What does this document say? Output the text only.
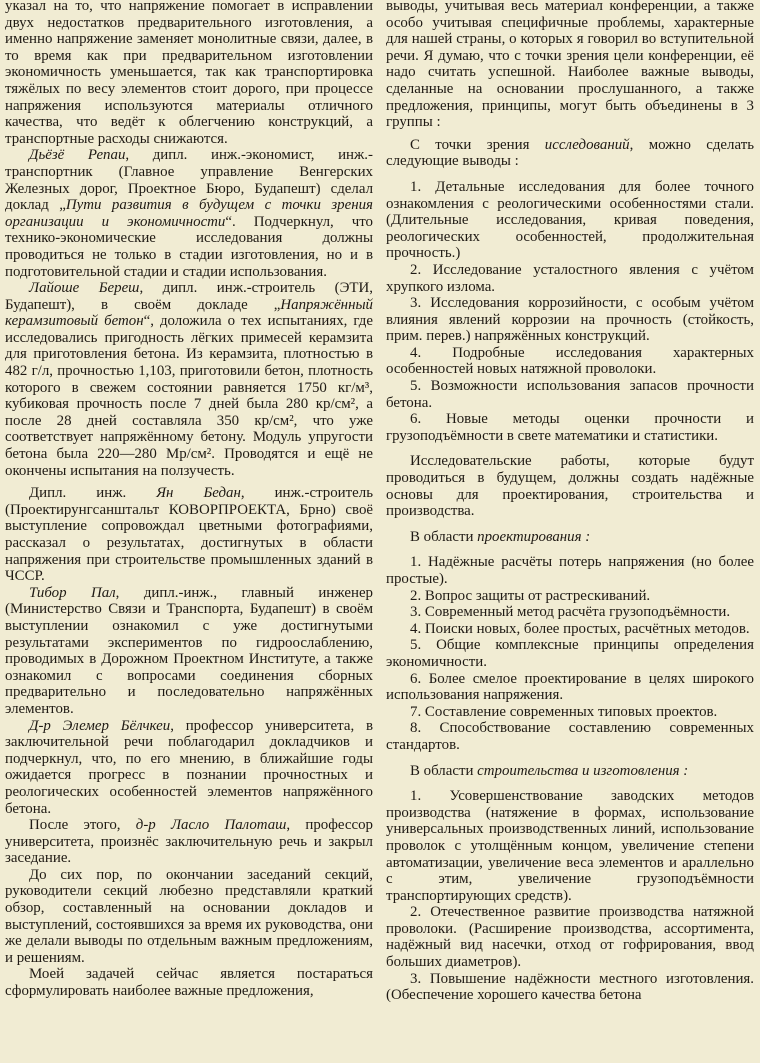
указал на то, что напряжение помогает в исправлении двух недостатков предварительного изготовления, а именно напряжение заменяет монолитные связи, далее, в то время как при предварительном изготовлении экономичность уменьшается, так как транспортировка тяжёлых по весу элементов стоит дорого, при процессе напряжения используются материалы отличного качества, что ведёт к облегчению конструкций, а транспортные расходы снижаются.

Дьёзё Репаи, дипл. инж.-экономист, инж.-транспортник (Главное управление Венгерских Железных дорог, Проектное Бюро, Будапешт) сделал доклад „Пути развития в будущем с точки зрения организации и экономичности“. Подчеркнул, что технико-экономические исследования должны проводиться не только в стадии изготовления, но и в подготовительной стадии и стадии использования.

Лайоше Береш, дипл. инж.-строитель (ЭТИ, Будапешт), в своём докладе „Напряжённый керамзитовый бетон“, доложила о тех испытаниях, где исследовались пригодность лёгких примесей керамзита для приготовления бетона. Из керамзита, плотностью в 482 г/л, прочностью 1,103, приготовили бетон, плотность которого в свежем состоянии равняется 1750 кг/м³, кубиковая прочность после 7 дней была 280 кр/см², а после 28 дней составляла 350 кр/см², что уже соответствует напряжённому бетону. Модуль упругости бетона была 220—280 Мр/см². Проводятся и ещё не окончены испытания на ползучесть.

Дипл. инж. Ян Бедан, инж.-строитель (Проектирунгсанштальт КОВОРПРОЕКТА, Брно) своё выступление сопровождал цветными фотографиями, рассказал о результатах, достигнутых в области напряжения при строительстве промышленных зданий в ЧССР.

Тибор Пал, дипл.-инж., главный инженер (Министерство Связи и Транспорта, Будапешт) в своём выступлении ознакомил с уже достигнутыми результатами экспериментов по гидроослаблению, проводимых в Дорожном Проектном Институте, а также ознакомил с вопросами соединения сборных предварительно и последовательно напряжённых элементов.

Д-р Элемер Бёлчкеи, профессор университета, в заключительной речи поблагодарил докладчиков и подчеркнул, что, по его мнению, в ближайшие годы ожидается прогресс в познании прочностных и реологических особенностей элементов напряжённого бетона.

После этого, д-р Ласло Палоташ, профессор университета, произнёс заключительную речь и закрыл заседание.

До сих пор, по окончании заседаний секций, руководители секций любезно представляли краткий обзор, составленный на основании докладов и выступлений, состоявшихся за время их руководства, они же делали выводы по отдельным важным предложениям, и решениям.

Моей задачей сейчас является постараться сформулировать наиболее важные предложения,

выводы, учитывая весь материал конференции, а также особо учитывая специфичные проблемы, характерные для нашей страны, о которых я говорил во вступительной речи. Я думаю, что с точки зрения цели конференции, её надо считать успешной. Наиболее важные выводы, сделанные на основании прослушанного, а также предложения, принципы, могут быть объединены в 3 группы :

С точки зрения исследований, можно сделать следующие выводы :

1. Детальные исследования для более точного ознакомления с реологическими особенностями стали. (Длительные исследования, кривая поведения, реологических особенностей, продолжительная прочность.)

2. Исследование усталостного явления с учётом хрупкого излома.

3. Исследования коррозийности, с особым учётом влияния явлений коррозии на прочность (стойкость, прим. перев.) напряжённых конструкций.

4. Подробные исследования характерных особенностей новых натяжной проволоки.

5. Возможности использования запасов прочности бетона.

6. Новые методы оценки прочности и грузоподъёмности в свете математики и статистики.

Исследовательские работы, которые будут проводиться в будущем, должны создать надёжные основы для проектирования, строительства и производства.

В области проектирования :

1. Надёжные расчёты потерь напряжения (но более простые).

2. Вопрос защиты от растрескиваний.

3. Современный метод расчёта грузоподъёмности.

4. Поиски новых, более простых, расчётных методов.

5. Общие комплексные принципы определения экономичности.

6. Более смелое проектирование в целях широкого использования напряжения.

7. Составление современных типовых проектов.

8. Способствование составлению современных стандартов.

В области строительства и изготовления :

1. Усовершенствование заводских методов производства (натяжение в формах, использование универсальных производственных линий, использование проволок с утолщённым концом, увеличение степени автоматизации, увеличение веса элементов и араллельно с этим, увеличение грузоподъёмности транспортирующих средств).

2. Отечественное развитие производства натяжной проволоки. (Расширение производства, ассортимента, надёжный вид насечки, отход от гофрирования, ввод больших диаметров).

3. Повышение надёжности местного изготовления. (Обеспечение хорошего качества бетона
